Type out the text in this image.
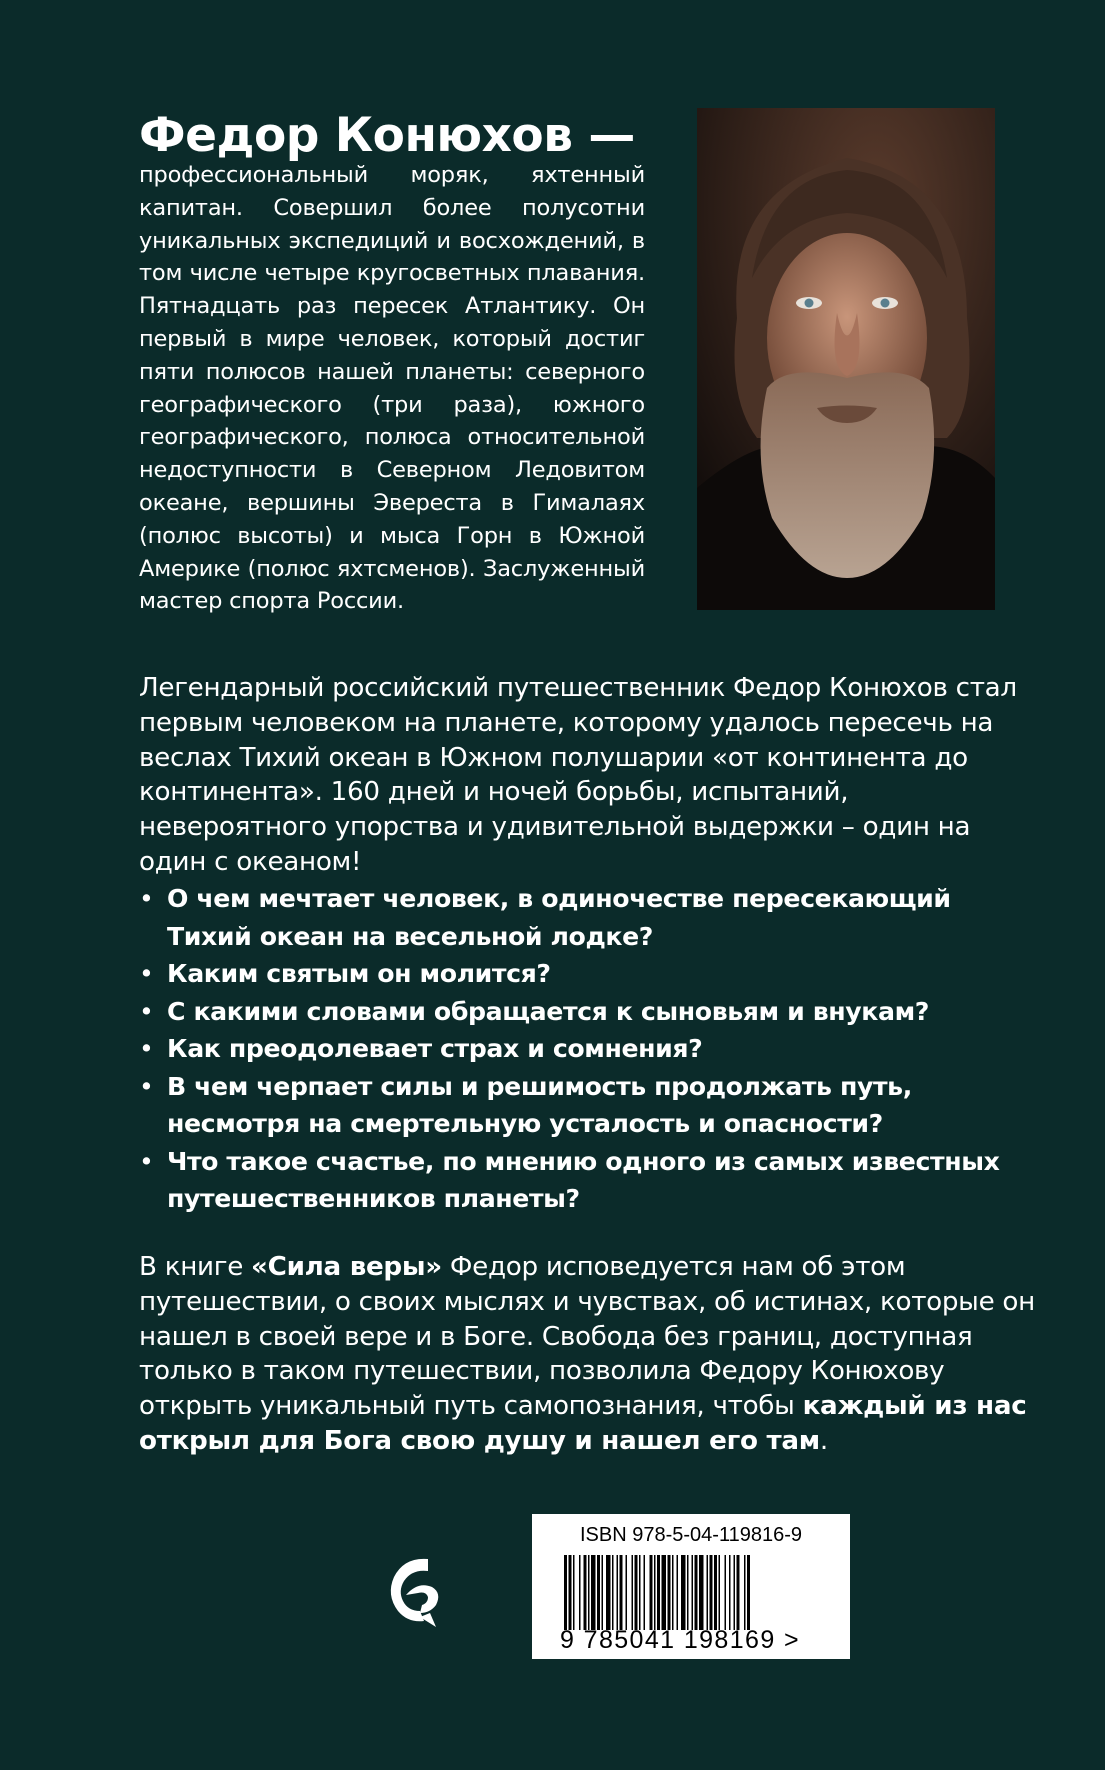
Федор Конюхов —
профессиональный моряк, яхтенный капитан. Совершил более полусотни уникальных экспедиций и восхождений, в том числе четыре кругосветных плавания. Пятнадцать раз пересек Атлантику. Он первый в мире человек, который достиг пяти полюсов нашей планеты: северного географического (три раза), южного географического, полюса относительной недоступности в Северном Ледовитом океане, вершины Эвереста в Гималаях (полюс высоты) и мыса Горн в Южной Америке (полюс яхтсменов). Заслуженный мастер спорта России.
Легендарный российский путешественник Федор Конюхов стал первым человеком на планете, которому удалось пересечь на веслах Тихий океан в Южном полушарии «от континента до континента». 160 дней и ночей борьбы, испытаний, невероятного упорства и удивительной выдержки – один на один с океаном!
• О чем мечтает человек, в одиночестве пересекающий Тихий океан на весельной лодке?
• Каким святым он молится?
• С какими словами обращается к сыновьям и внукам?
• Как преодолевает страх и сомнения?
• В чем черпает силы и решимость продолжать путь, несмотря на смертельную усталость и опасности?
• Что такое счастье, по мнению одного из самых известных путешественников планеты?
В книге «Сила веры» Федор исповедуется нам об этом путешествии, о своих мыслях и чувствах, об истинах, которые он нашел в своей вере и в Боге. Свобода без границ, доступная только в таком путешествии, позволила Федору Конюхову открыть уникальный путь самопознания, чтобы каждый из нас открыл для Бога свою душу и нашел его там.
ISBN 978-5-04-119816-9
9 785041 198169 >
